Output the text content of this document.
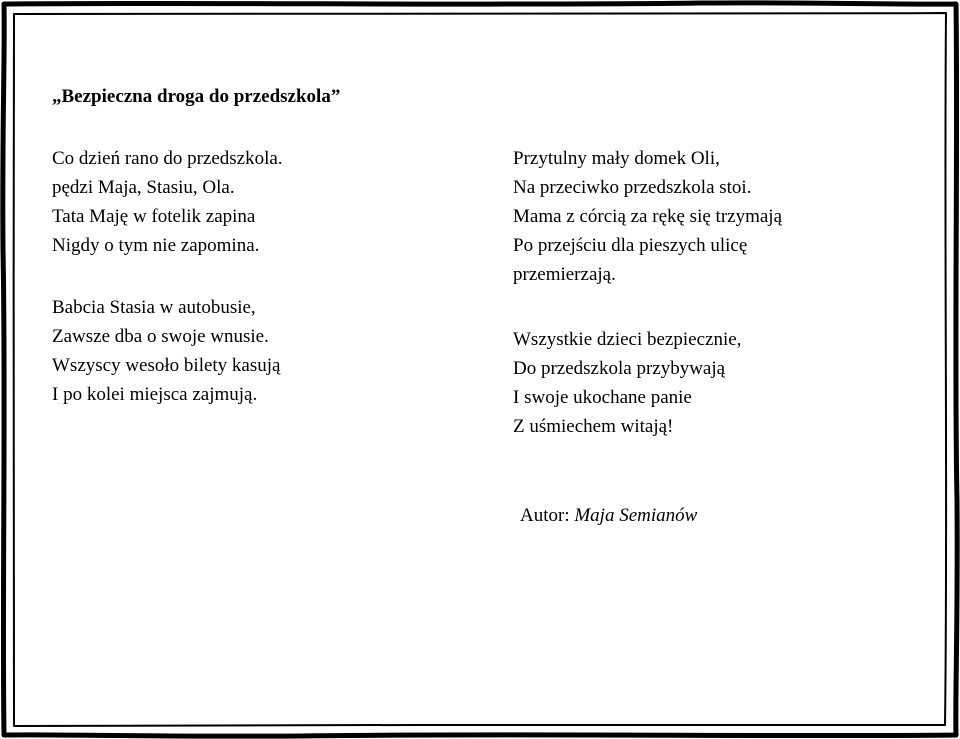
„Bezpieczna droga do przedszkola”
Co dzień rano do przedszkola.
pędzi Maja, Stasiu, Ola.
Tata Maję w fotelik zapina
Nigdy o tym nie zapomina.
Babcia Stasia w autobusie,
Zawsze dba o swoje wnusie.
Wszyscy wesoło bilety kasują
I po kolei miejsca zajmują.
Przytulny mały domek Oli,
Na przeciwko przedszkola stoi.
Mama z córcią za rękę się trzymają
Po przejściu dla pieszych ulicę
przemierzają.
Wszystkie dzieci bezpiecznie,
Do przedszkola przybywają
I swoje ukochane panie
Z uśmiechem witają!
Autor: Maja Semianów
